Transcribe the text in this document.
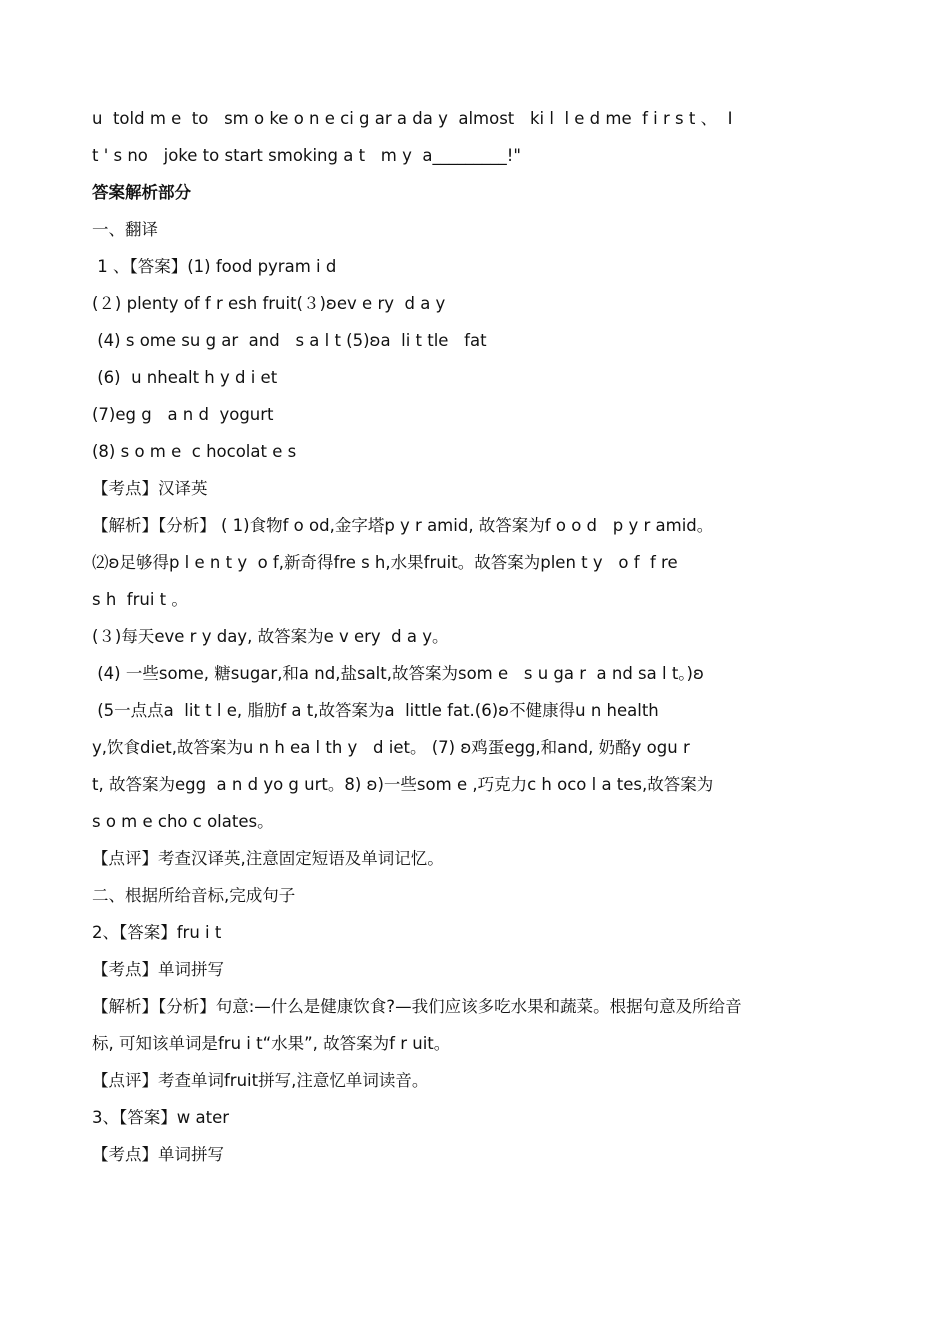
u  told m e  to   sm o ke o n e ci g ar a da y  almost   ki l  l e d me  f i r s t 、  I
t ' s no   joke to start smoking a t   m y  a_________!"
答案解析部分
一、翻译
1 、【答案】(1) food pyram i d
(２) plenty of f r esh fruit(３)ʚev e ry  d a y
(4) s ome su g ar  and   s a l t (5)ʚa  li t tle   fat
(6)  u nhealt h y d i et
(7)eg g   a n d  yogurt
(8) s o m e  c hocolat e s
【考点】汉译英
【解析】【分析】 ( 1)食物f o od,金字塔p y r amid, 故答案为f o o d   p y r amid。
⑵ʚ足够得p l e n t y  o f,新奇得fre s h,水果fruit。故答案为plen t y   o f  f re
s h  frui t 。
(３)每天eve r y day, 故答案为e v ery  d a y。
(4) 一些some, 糖sugar,和a nd,盐salt,故答案为som e   s u ga r  a nd sa l t。)ʚ
(5一点点a  lit t l e, 脂肪f a t,故答案为a  little fat.(6)ʚ不健康得u n health
y,饮食diet,故答案为u n h ea l th y   d iet。 (7) ʚ鸡蛋egg,和and, 奶酪y ogu r
t, 故答案为egg  a n d yo g urt。8) ʚ)一些som e ,巧克力c h oco l a tes,故答案为
s o m e cho c olates。
【点评】考查汉译英,注意固定短语及单词记忆。
二、根据所给音标,完成句子
2、【答案】fru i t
【考点】单词拼写
【解析】【分析】句意:—什么是健康饮食?—我们应该多吃水果和蔬菜。根据句意及所给音
标, 可知该单词是fru i t“水果”, 故答案为f r uit。
【点评】考查单词fruit拼写,注意忆单词读音。
3、【答案】w ater
【考点】单词拼写
